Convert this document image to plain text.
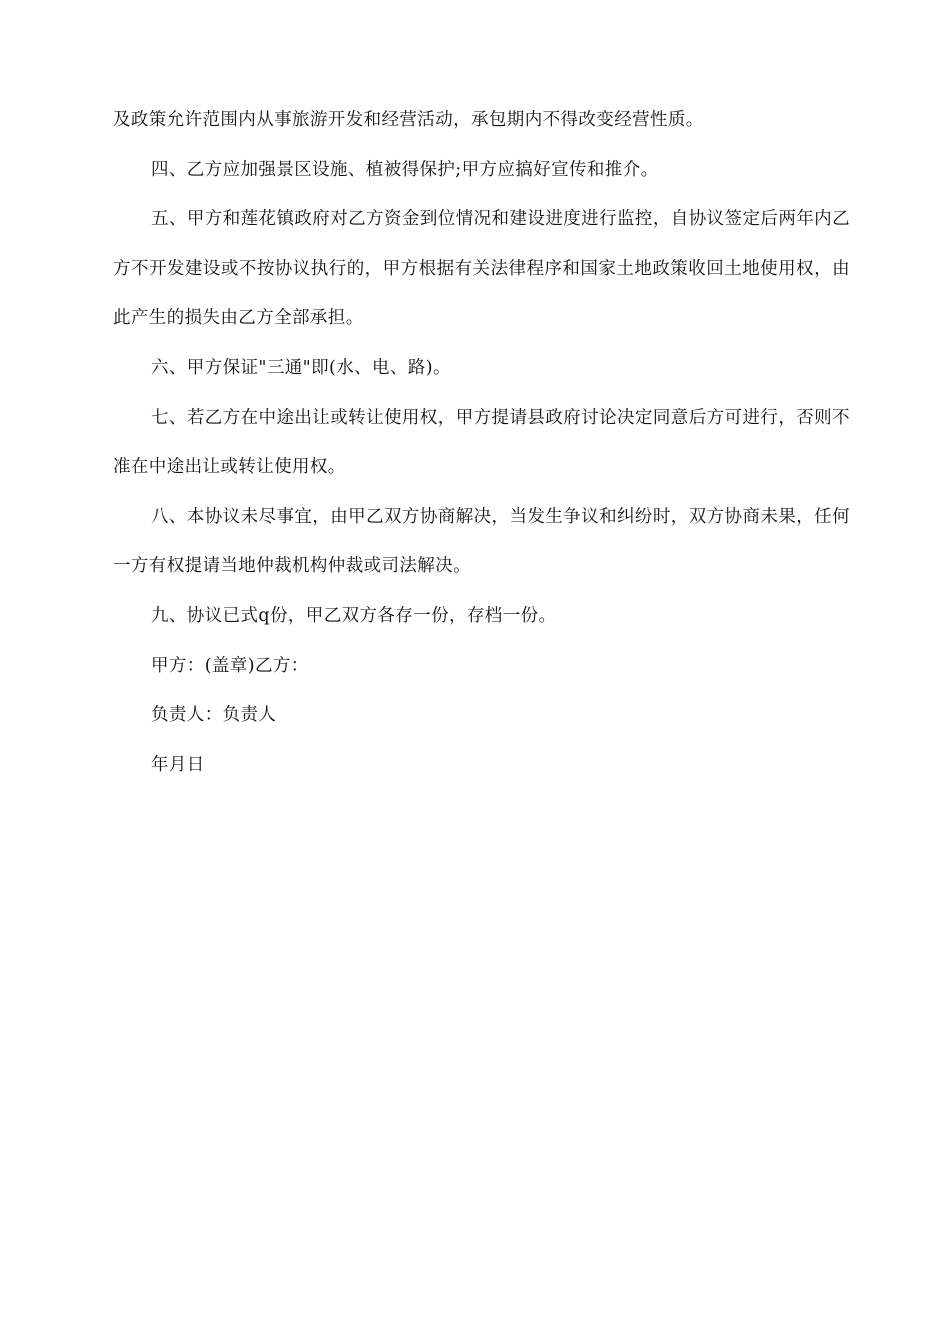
及政策允许范围内从事旅游开发和经营活动，承包期内不得改变经营性质。

四、乙方应加强景区设施、植被得保护;甲方应搞好宣传和推介。

五、甲方和莲花镇政府对乙方资金到位情况和建设进度进行监控，自协议签定后两年内乙方不开发建设或不按协议执行的，甲方根据有关法律程序和国家土地政策收回土地使用权，由此产生的损失由乙方全部承担。

六、甲方保证"三通"即(水、电、路)。

七、若乙方在中途出让或转让使用权，甲方提请县政府讨论决定同意后方可进行，否则不准在中途出让或转让使用权。

八、本协议未尽事宜，由甲乙双方协商解决，当发生争议和纠纷时，双方协商未果，任何一方有权提请当地仲裁机构仲裁或司法解决。

九、协议已式q份，甲乙双方各存一份，存档一份。

甲方：(盖章)乙方：

负责人：负责人

年月日
